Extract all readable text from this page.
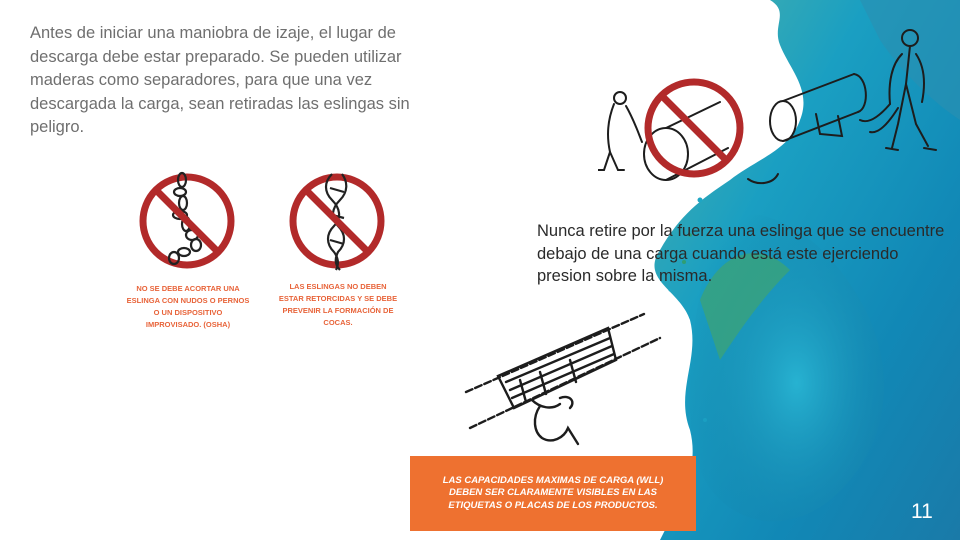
Antes de iniciar una maniobra de izaje, el lugar de descarga debe estar preparado. Se pueden utilizar maderas como separadores, para que una vez descargada la carga, sean retiradas las eslingas sin peligro.

NO SE DEBE ACORTAR UNA ESLINGA CON NUDOS O PERNOS O UN DISPOSITIVO IMPROVISADO. (OSHA)

LAS ESLINGAS NO DEBEN ESTAR RETORCIDAS Y SE DEBE PREVENIR LA FORMACIÓN DE COCAS.

Nunca retire por la fuerza una eslinga que se encuentre debajo de una carga cuando está este ejerciendo presion sobre la misma.

LAS CAPACIDADES MAXIMAS DE CARGA (WLL) DEBEN SER CLARAMENTE VISIBLES EN LAS ETIQUETAS O PLACAS DE LOS PRODUCTOS.	11
